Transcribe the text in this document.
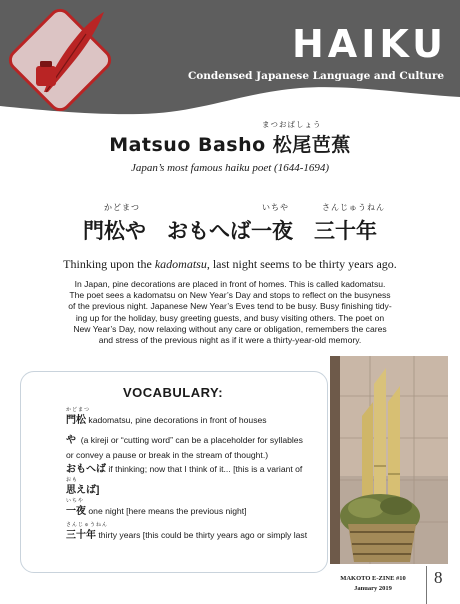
HAIKU
Condensed Japanese Language and Culture
まつおばしょう
Matsuo Basho 松尾芭蕉
Japan’s most famous haiku poet (1644-1694)
かどまつ	いちや	さんじゅうねん
門松や　おもへば一夜　三十年
Thinking upon the kadomatsu, last night seems to be thirty years ago.
In Japan, pine decorations are placed in front of homes. This is called kadomatsu.
The poet sees a kadomatsu on New Year’s Day and stops to reflect on the busyness
of the previous night. Japanese New Year’s Eves tend to be busy. Busy finishing tidy-
ing up for the holiday, busy greeting guests, and busy visiting others. The poet on
New Year’s Day, now relaxing without any care or obligation, remembers the cares
and stress of the previous night as if it were a thirty-year-old memory.
VOCABULARY:
かどまつ
門松 kadomatsu, pine decorations in front of houses
や (a kireji or “cutting word” can be a placeholder for syllables
or convey a pause or break in the stream of thought.)
おもへば if thinking; now that I think of it... [this is a variant of
おも
思えば]
いちや
一夜 one night [here means the previous night]
さんじゅうねん
三十年 thirty years [this could be thirty years ago or simply last
MAKOTO E-ZINE #10
January 2019
8
